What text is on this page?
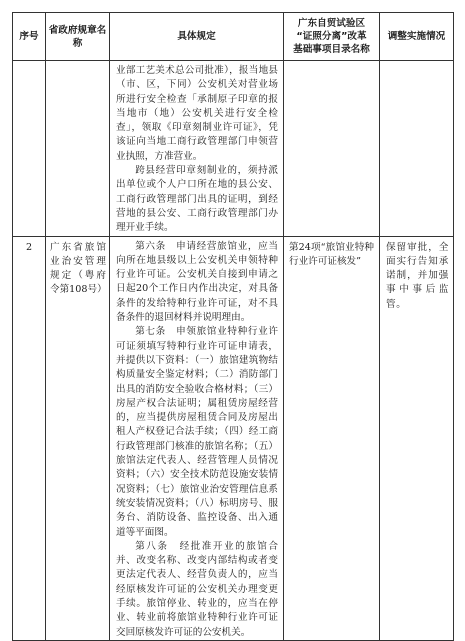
序号	省政府规章名称	具体规定	广东自贸试验区
“证照分离”改革
基础事项目录名称	调整实施情况

		业部工艺美术总公司批准），报当地县（市、区，下同）公安机关对营业场所进行安全检查「承制原子印章的报当地市（地）公安机关进行安全检查」，领取《印章刻制业许可证》，凭该证向当地工商行政管理部门申领营业执照，方准营业。

跨县经营印章刻制业的，须持派出单位或个人户口所在地的县公安、工商行政管理部门出具的证明，到经营地的县公安、工商行政管理部门办理开业手续。		

2	广东省旅馆业治安管理规定（粤府令第108号）	第六条　申请经营旅馆业，应当向所在地县级以上公安机关申领特种行业许可证。公安机关自接到申请之日起20个工作日内作出决定，对具备条件的发给特种行业许可证，对不具备条件的退回材料并说明理由。

第七条　申领旅馆业特种行业许可证须填写特种行业许可证申请表，并提供以下资料：（一）旅馆建筑物结构质量安全鉴定材料；（二）消防部门出具的消防安全验收合格材料；（三）房屋产权合法证明；属租赁房屋经营的，应当提供房屋租赁合同及房屋出租人产权登记合法手续；（四）经工商行政管理部门核准的旅馆名称；（五）旅馆法定代表人、经营管理人员情况资料；（六）安全技术防范设施安装情况资料；（七）旅馆业治安管理信息系统安装情况资料；（八）标明房号、服务台、消防设备、监控设备、出入通道等平面图。

第八条　经批准开业的旅馆合并、改变名称、改变内部结构或者变更法定代表人、经营负责人的，应当经原核发许可证的公安机关办理变更手续。旅馆停业、转业的，应当在停业、转业前将旅馆业特种行业许可证交回原核发许可证的公安机关。	第24项“旅馆业特种行业许可证核发”	保留审批，全面实行告知承诺制，并加强事中事后监管。
